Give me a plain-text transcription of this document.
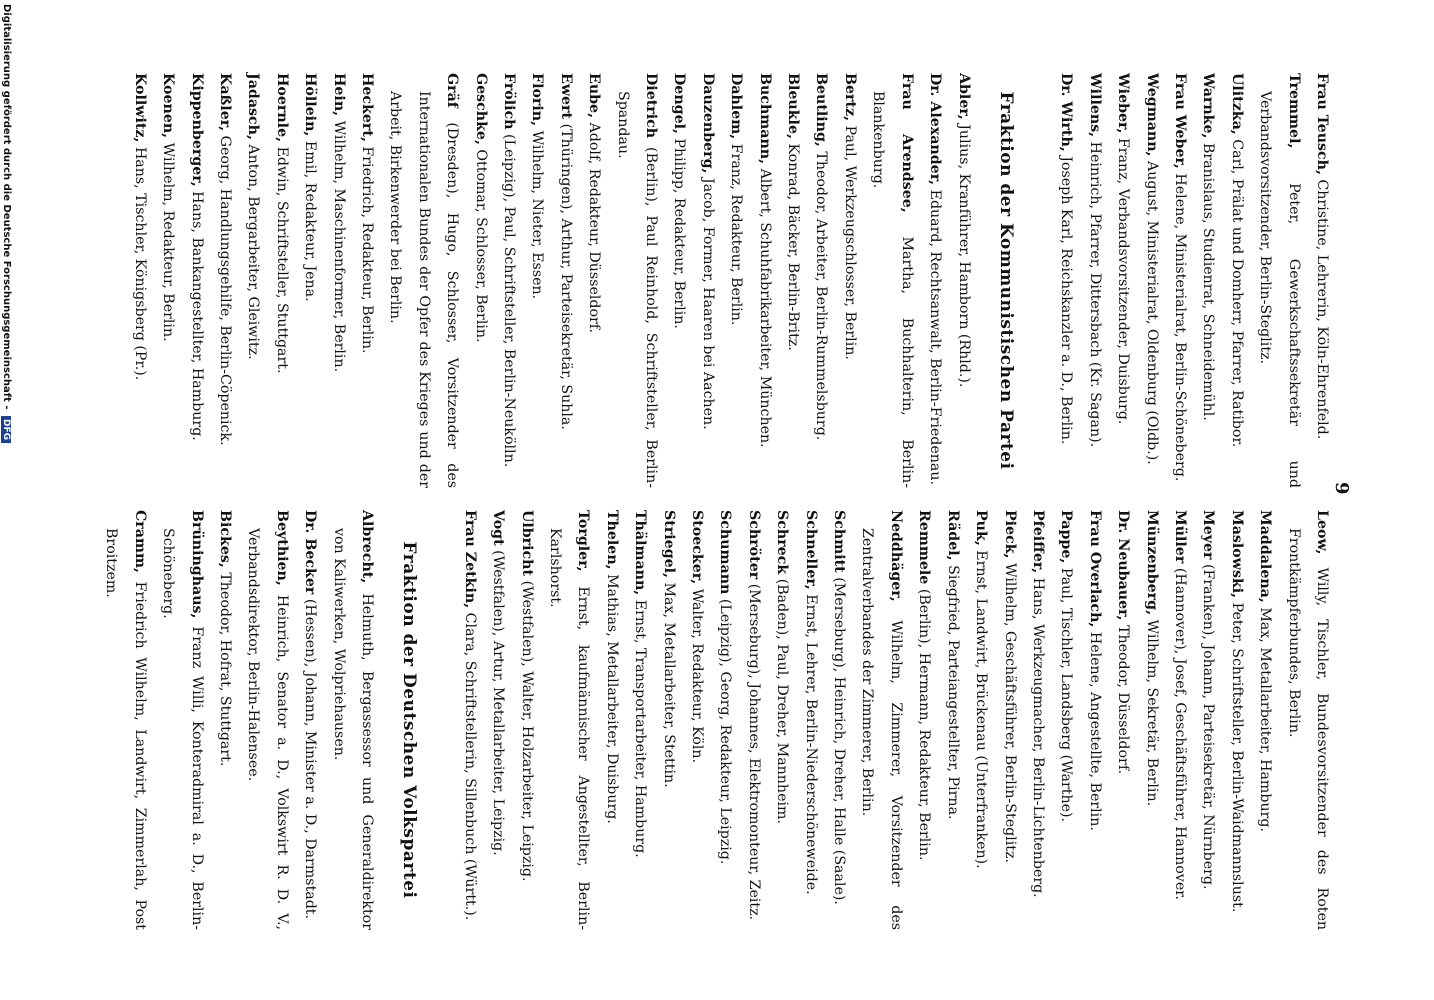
9
Frau Teusch, Christine, Lehrerin, Köln-Ehrenfeld.
Tremmel, Peter, Gewerkschaftssekretär und Verbandsvorsitzender, Berlin-Steglitz.
Ulitzka, Carl, Prälat und Domherr, Pfarrer, Ratibor.
Warnke, Branislaus, Studienrat, Schneidemühl.
Frau Weber, Helene, Ministerialrat, Berlin-Schöneberg.
Wegmann, August, Ministerialrat, Oldenburg (Oldb.).
Wieber, Franz, Verbandsvorsitzender, Duisburg.
Willens, Heinrich, Pfarrer, Dittersbach (Kr. Sagan).
Dr. Wirth, Joseph Karl, Reichskanzler a. D., Berlin.
Fraktion der Kommunistischen Partei
Abler, Julius, Kranführer, Hamborn (Rhld.).
Dr. Alexander, Eduard, Rechtsanwalt, Berlin-Friedenau.
Frau Arendsee, Martha, Buchhalterin, Berlin-Blankenburg.
Bertz, Paul, Werkzeugschlosser, Berlin.
Beutling, Theodor, Arbeiter, Berlin-Rummelsburg.
Bleukle, Konrad, Bäcker, Berlin-Britz.
Buchmann, Albert, Schuhfabrikarbeiter, München.
Dahlem, Franz, Redakteur, Berlin.
Dauzenberg, Jacob, Former, Haaren bei Aachen.
Dengel, Philipp, Redakteur, Berlin.
Dietrich (Berlin), Paul Reinhold, Schriftsteller, Berlin-Spandau.
Eube, Adolf, Redakteur, Düsseldorf.
Ewert (Thüringen), Arthur, Parteisekretär, Suhla.
Florin, Wilhelm, Nieter, Essen.
Frölich (Leipzig), Paul, Schriftsteller, Berlin-Neukölln.
Geschke, Ottomar, Schlosser, Berlin.
Gräf (Dresden), Hugo, Schlosser, Vorsitzender des Internationalen Bundes der Opfer des Krieges und der Arbeit, Birkenwerder bei Berlin.
Heckert, Friedrich, Redakteur, Berlin.
Hein, Wilhelm, Maschinenformer, Berlin.
Höllein, Emil, Redakteur, Jena.
Hoernle, Edwin, Schriftsteller, Stuttgart.
Jadasch, Anton, Bergarbeiter, Gleiwitz.
Kaßler, Georg, Handlungsgehilfe, Berlin-Cöpenick.
Kippenberger, Hans, Bankangestellter, Hamburg.
Koenen, Wilhelm, Redakteur, Berlin.
Kollwitz, Hans, Tischler, Königsberg (Pr.).
Leow, Willy, Tischler, Bundesvorsitzender des Roten Frontkämpferbundes, Berlin.
Maddalena, Max, Metallarbeiter, Hamburg.
Maslowski, Peter, Schriftsteller, Berlin-Waidmannslust.
Meyer (Franken), Johann, Parteisekretär, Nürnberg.
Müller (Hannover), Josef, Geschäftsführer, Hannover.
Münzenberg, Wilhelm, Sekretär, Berlin.
Dr. Neubauer, Theodor, Düsseldorf.
Frau Overlach, Helene, Angestellte, Berlin.
Pappe, Paul, Tischler, Landsberg (Warthe).
Pfeiffer, Hans, Werkzeugmacher, Berlin-Lichtenberg.
Pieck, Wilhelm, Geschäftsführer, Berlin-Steglitz.
Puk, Ernst, Landwirt, Brückenau (Unterfranken).
Rädel, Siegfried, Parteiangestellter, Pirna.
Remmele (Berlin), Hermann, Redakteur, Berlin.
Neddhäger, Wilhelm, Zimmerer, Vorsitzender des Zentralverbandes der Zimmerer, Berlin.
Schmitt (Merseburg), Heinrich, Dreher, Halle (Saale).
Schneller, Ernst, Lehrer, Berlin-Niederschöneweide.
Schreck (Baden), Paul, Dreher, Mannheim.
Schröter (Merseburg), Johannes, Elektromonteur, Zeitz.
Schumann (Leipzig), Georg, Redakteur, Leipzig.
Stoecker, Walter, Redakteur, Köln.
Striegel, Max, Metallarbeiter, Stettin.
Thälmann, Ernst, Transportarbeiter, Hamburg.
Thelen, Mathias, Metallarbeiter, Duisburg.
Torgler, Ernst, kaufmännischer Angestellter, Berlin-Karlshorst.
Ulbricht (Westfalen), Walter, Holzarbeiter, Leipzig.
Vogt (Westfalen), Artur, Metallarbeiter, Leipzig.
Frau Zetkin, Clara, Schriftstellerin, Sillenbuch (Württ.).
Fraktion der Deutschen Volkspartei
Albrecht, Helmuth, Bergassessor und Generaldirektor von Kaliwerken, Wolpriehausen.
Dr. Becker (Hessen), Johann, Minister a. D., Darmstadt.
Beythien, Heinrich, Senator a. D., Volkswirt R. D. V., Verbandsdirektor, Berlin-Halensee.
Bickes, Theodor, Hofrat, Stuttgart.
Brüninghaus, Franz Willi, Konteradmiral a. D., Berlin-Schöneberg.
Cramm, Friedrich Wilhelm, Landwirt, Zimmerlah, Post Broitzem.
Digitalisierung gefördert durch die Deutsche Forschungsgemeinschaft - DFG
